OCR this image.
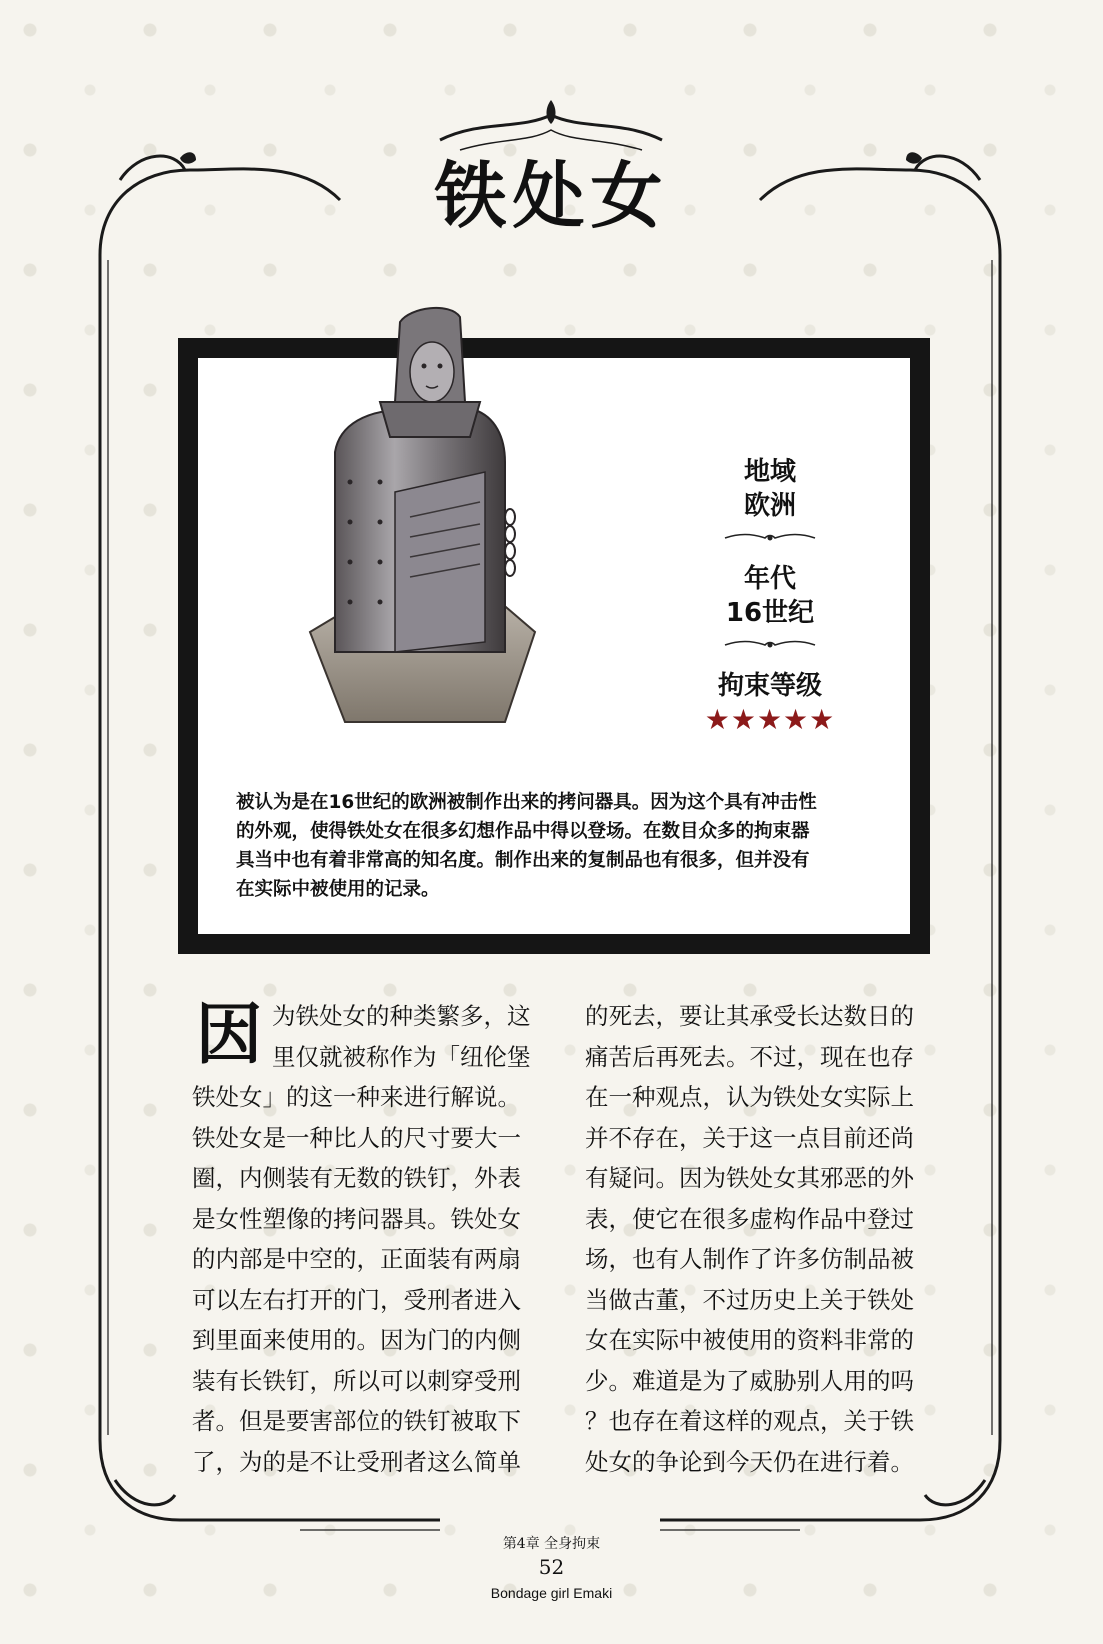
铁处女
地域
欧洲
年代
16世纪
拘束等级
★★★★★
被认为是在16世纪的欧洲被制作出来的拷问器具。因为这个具有冲击性
的外观，使得铁处女在很多幻想作品中得以登场。在数目众多的拘束器
具当中也有着非常高的知名度。制作出来的复制品也有很多，但并没有
在实际中被使用的记录。
因 为铁处女的种类繁多，这
里仅就被称作为「纽伦堡
铁处女」的这一种来进行解说。
铁处女是一种比人的尺寸要大一
圈，内侧装有无数的铁钉，外表
是女性塑像的拷问器具。铁处女
的内部是中空的，正面装有两扇
可以左右打开的门，受刑者进入
到里面来使用的。因为门的内侧
装有长铁钉，所以可以刺穿受刑
者。但是要害部位的铁钉被取下
了，为的是不让受刑者这么简单
的死去，要让其承受长达数日的
痛苦后再死去。不过，现在也存
在一种观点，认为铁处女实际上
并不存在，关于这一点目前还尚
有疑问。因为铁处女其邪恶的外
表，使它在很多虚构作品中登过
场，也有人制作了许多仿制品被
当做古董，不过历史上关于铁处
女在实际中被使用的资料非常的
少。难道是为了威胁别人用的吗
？也存在着这样的观点，关于铁
处女的争论到今天仍在进行着。
第4章 全身拘束
52
Bondage girl Emaki
